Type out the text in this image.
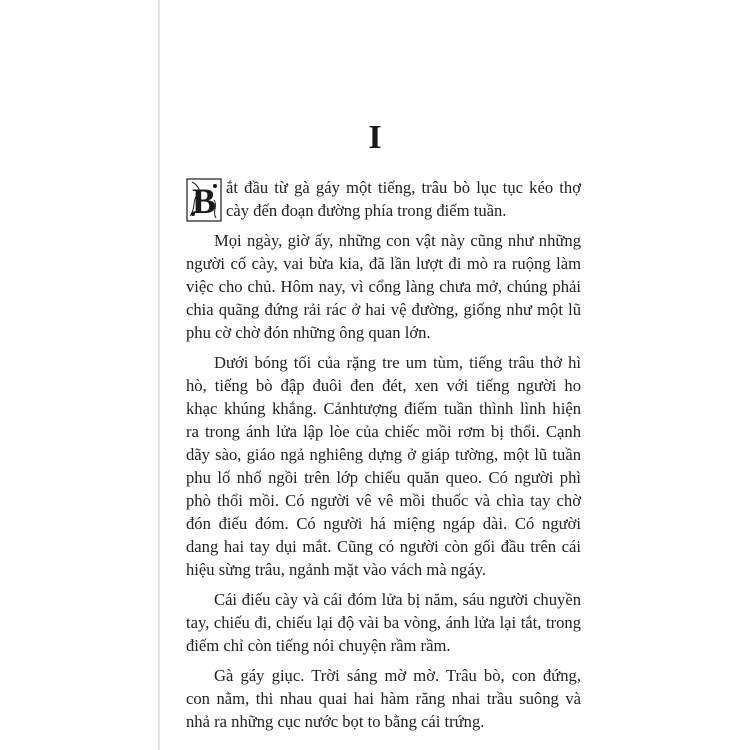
I
B ắt đầu từ gà gáy một tiếng, trâu bò lục tục kéo thợ
cày đến đoạn đường phía trong điếm tuần.
Mọi ngày, giờ ấy, những con vật này cũng như những
người cố cày, vai bừa kia, đã lần lượt đi mò ra ruộng làm
việc cho chủ. Hôm nay, vì cổng làng chưa mở, chúng phải
chia quãng đứng rải rác ở hai vệ đường, giống như một lũ
phu cờ chờ đón những ông quan lớn.
Dưới bóng tối của rặng tre um tùm, tiếng trâu thở hì
hò, tiếng bò đập đuôi đen đét, xen với tiếng người ho
khạc khúng khắng. Cảnhtượng điếm tuần thình lình hiện
ra trong ánh lửa lập lòe của chiếc mồi rơm bị thổi. Cạnh
dãy sào, giáo ngả nghiêng dựng ở giáp tường, một lũ tuần
phu lố nhố ngồi trên lớp chiếu quăn queo. Có người phì
phò thổi mồi. Có người vê vê mồi thuốc và chìa tay chờ
đón điếu đóm. Có người há miệng ngáp dài. Có người
dang hai tay dụi mắt. Cũng có người còn gối đầu trên cái
hiệu sừng trâu, ngảnh mặt vào vách mà ngáy.
Cái điếu cày và cái đóm lửa bị năm, sáu người chuyền
tay, chiếu đi, chiếu lại độ vài ba vòng, ánh lửa lại tắt, trong
điếm chỉ còn tiếng nói chuyện rầm rầm.
Gà gáy giục. Trời sáng mờ mờ. Trâu bò, con đứng,
con nằm, thi nhau quai hai hàm răng nhai trầu suông và
nhả ra những cục nước bọt to bằng cái trứng.
